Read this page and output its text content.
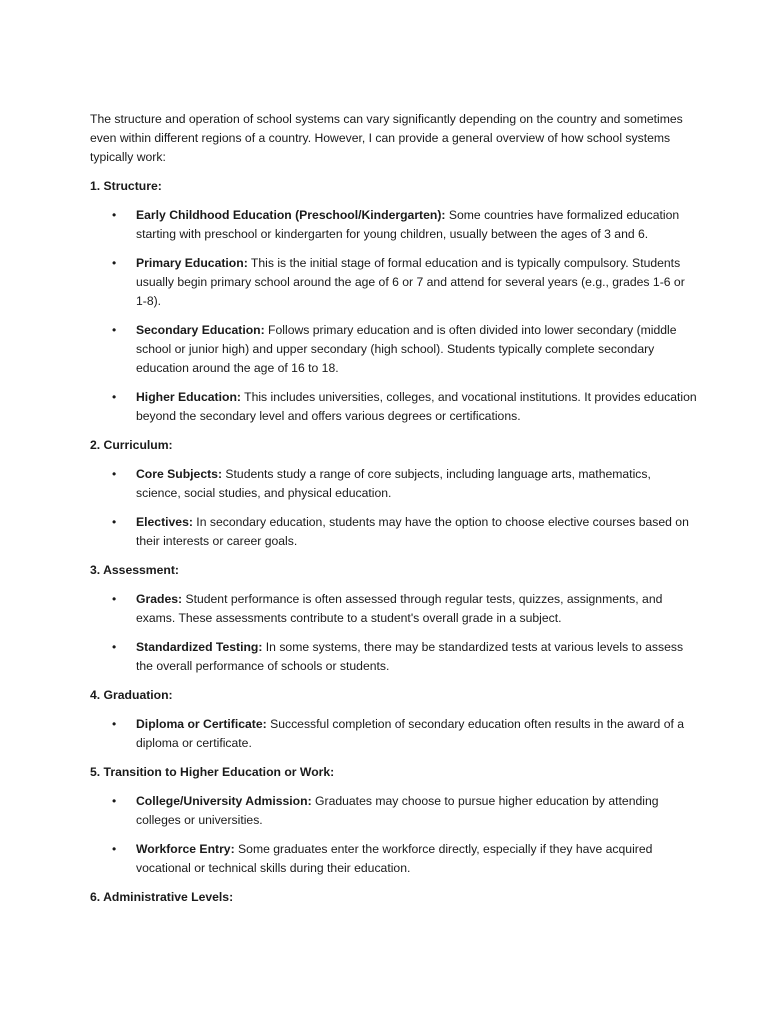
The structure and operation of school systems can vary significantly depending on the country and sometimes even within different regions of a country. However, I can provide a general overview of how school systems typically work:

1. Structure:

• Early Childhood Education (Preschool/Kindergarten): Some countries have formalized education starting with preschool or kindergarten for young children, usually between the ages of 3 and 6.
• Primary Education: This is the initial stage of formal education and is typically compulsory. Students usually begin primary school around the age of 6 or 7 and attend for several years (e.g., grades 1-6 or 1-8).
• Secondary Education: Follows primary education and is often divided into lower secondary (middle school or junior high) and upper secondary (high school). Students typically complete secondary education around the age of 16 to 18.
• Higher Education: This includes universities, colleges, and vocational institutions. It provides education beyond the secondary level and offers various degrees or certifications.

2. Curriculum:

• Core Subjects: Students study a range of core subjects, including language arts, mathematics, science, social studies, and physical education.
• Electives: In secondary education, students may have the option to choose elective courses based on their interests or career goals.

3. Assessment:

• Grades: Student performance is often assessed through regular tests, quizzes, assignments, and exams. These assessments contribute to a student's overall grade in a subject.
• Standardized Testing: In some systems, there may be standardized tests at various levels to assess the overall performance of schools or students.

4. Graduation:

• Diploma or Certificate: Successful completion of secondary education often results in the award of a diploma or certificate.

5. Transition to Higher Education or Work:

• College/University Admission: Graduates may choose to pursue higher education by attending colleges or universities.
• Workforce Entry: Some graduates enter the workforce directly, especially if they have acquired vocational or technical skills during their education.

6. Administrative Levels:
